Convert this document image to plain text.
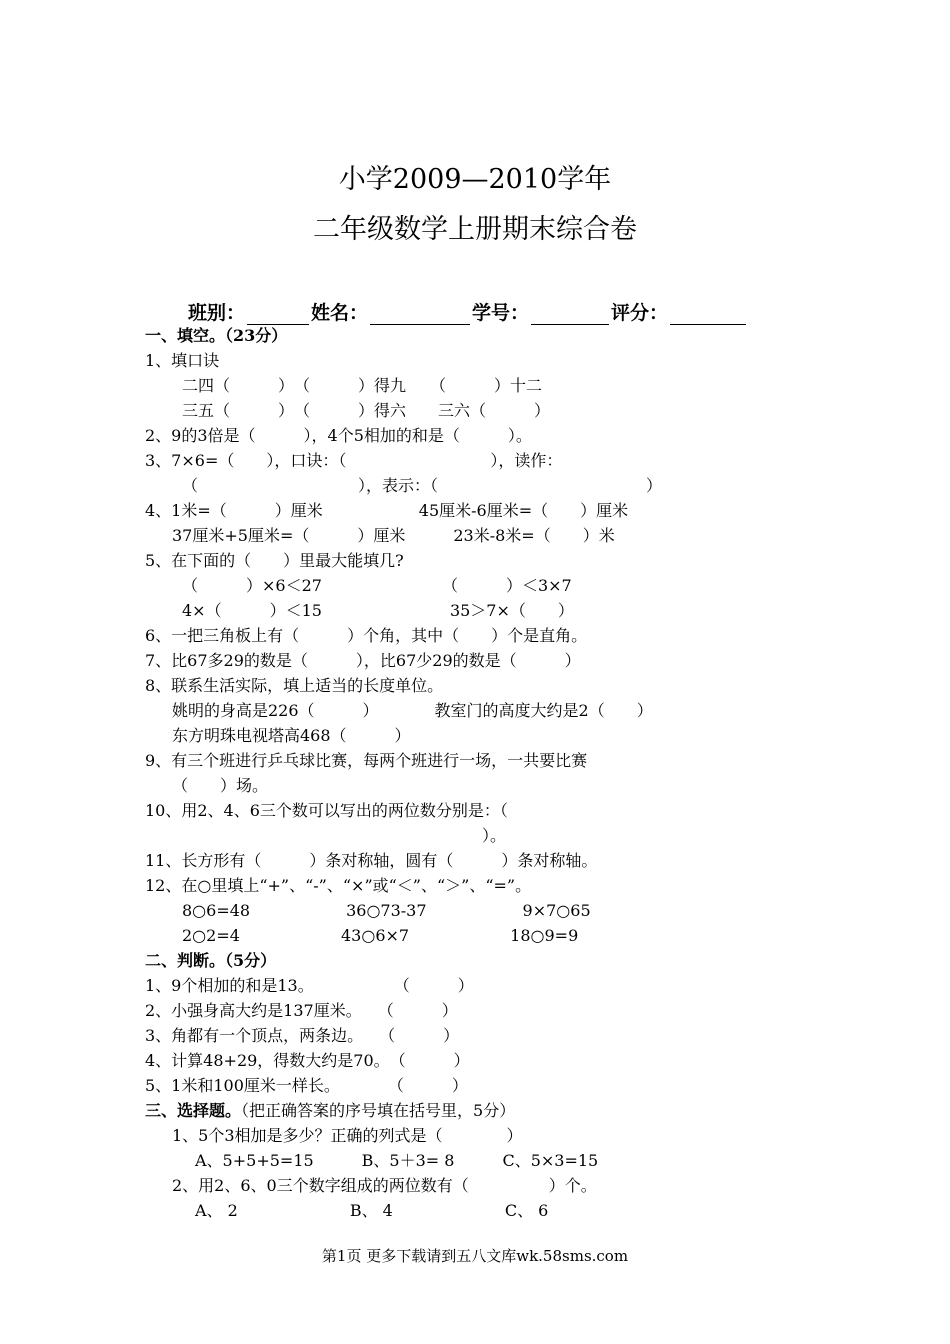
小学2009—2010学年
二年级数学上册期末综合卷
班别：	姓名：	学号：	评分：
一、填空。（23分）
1、填口诀
二四（　　　）　（　　　）得九　　（　　　）十二
三五（　　　）　（　　　）得六　　三六（　　　）
2、9的3倍是（　　　），4个5相加的和是（　　　）。
3、7×6=（　　），口诀：（　　　　　　　　　），读作：
（　　　　　　　　　　），表示：（　　　　　　　　　　　　　）
4、1米=（　　　）厘米　　　　　　45厘米-6厘米=（　　）厘米
37厘米+5厘米=（　　　）厘米　　　23米-8米=（　　）米
5、在下面的（　　）里最大能填几?
（　　　）×6＜27　　　　　　　　（　　　）＜3×7
4×（　　　）＜15　　　　　　　　35＞7×（　　）
6、一把三角板上有（　　　）个角，其中（　　）个是直角。
7、比67多29的数是（　　　），比67少29的数是（　　　）
8、联系生活实际，填上适当的长度单位。
姚明的身高是226（　　　）　　　　教室门的高度大约是2（　　）
东方明珠电视塔高468（　　　）
9、有三个班进行乒乓球比赛，每两个班进行一场，一共要比赛
（　　）场。
10、用2、4、6三个数可以写出的两位数分别是：（
）。
11、长方形有（　　　）条对称轴，圆有（　　　）条对称轴。
12、在○里填上“+”、“-”、“×”或“＜”、“＞”、“=”。
8○6=48　　　　　　36○73-37　　　　　　9×7○65
2○2=4　　　　　　 43○6×7　　　　　　 18○9=9
二、判断。（5分）
1、9个相加的和是13。　　　　　　（　　　）
2、小强身高大约是137厘米。　　（　　　）
3、角都有一个顶点，两条边。　　（　　　）
4、计算48+29，得数大约是70。　（　　　）
5、1米和100厘米一样长。　　　　（　　　）
三、选择题。（把正确答案的序号填在括号里，5分）
1、5个3相加是多少？正确的列式是（　　　　）
A、5+5+5=15　　　B、5＋3= 8　　　C、5×3=15
2、用2、6、0三个数字组成的两位数有（　　　　　）个。
A、 2　　　　　　　B、 4　　　　　　　C、 6
第1页 更多下载请到五八文库wk.58sms.com
